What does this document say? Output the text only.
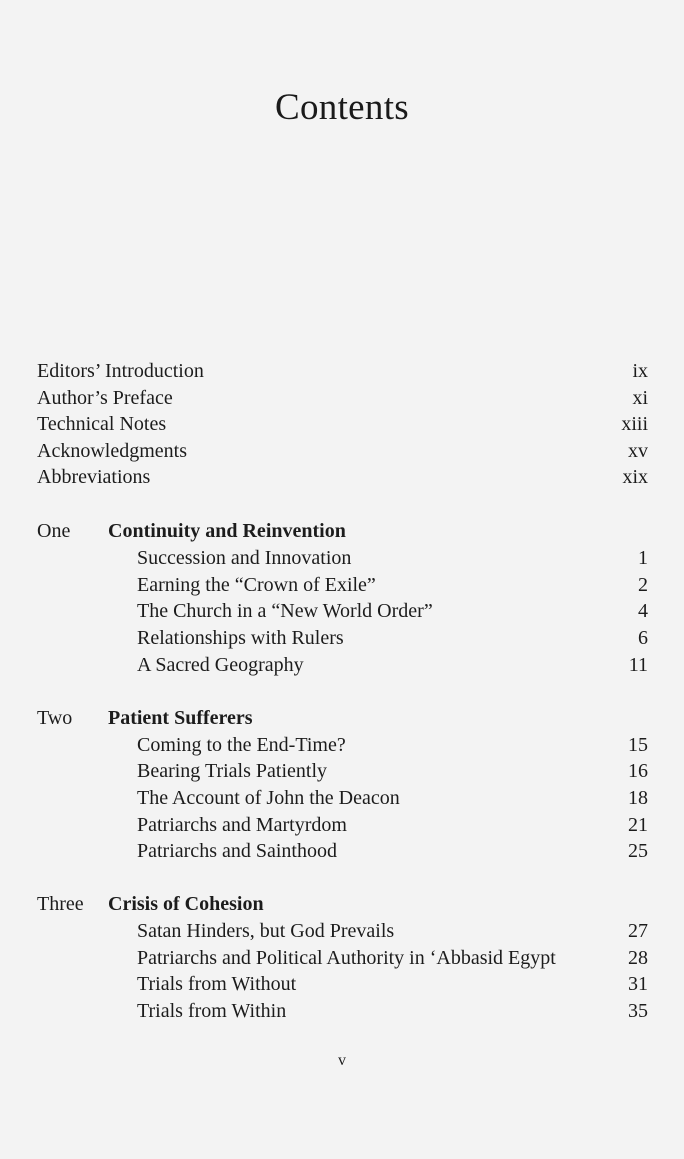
Contents
Editors’ Introduction	ix
Author’s Preface	xi
Technical Notes	xiii
Acknowledgments	xv
Abbreviations	xix
One Continuity and Reinvention
Succession and Innovation	1
Earning the “Crown of Exile”	2
The Church in a “New World Order”	4
Relationships with Rulers	6
A Sacred Geography	11
Two Patient Sufferers
Coming to the End-Time?	15
Bearing Trials Patiently	16
The Account of John the Deacon	18
Patriarchs and Martyrdom	21
Patriarchs and Sainthood	25
Three Crisis of Cohesion
Satan Hinders, but God Prevails	27
Patriarchs and Political Authority in ‘Abbasid Egypt	28
Trials from Without	31
Trials from Within	35
v
